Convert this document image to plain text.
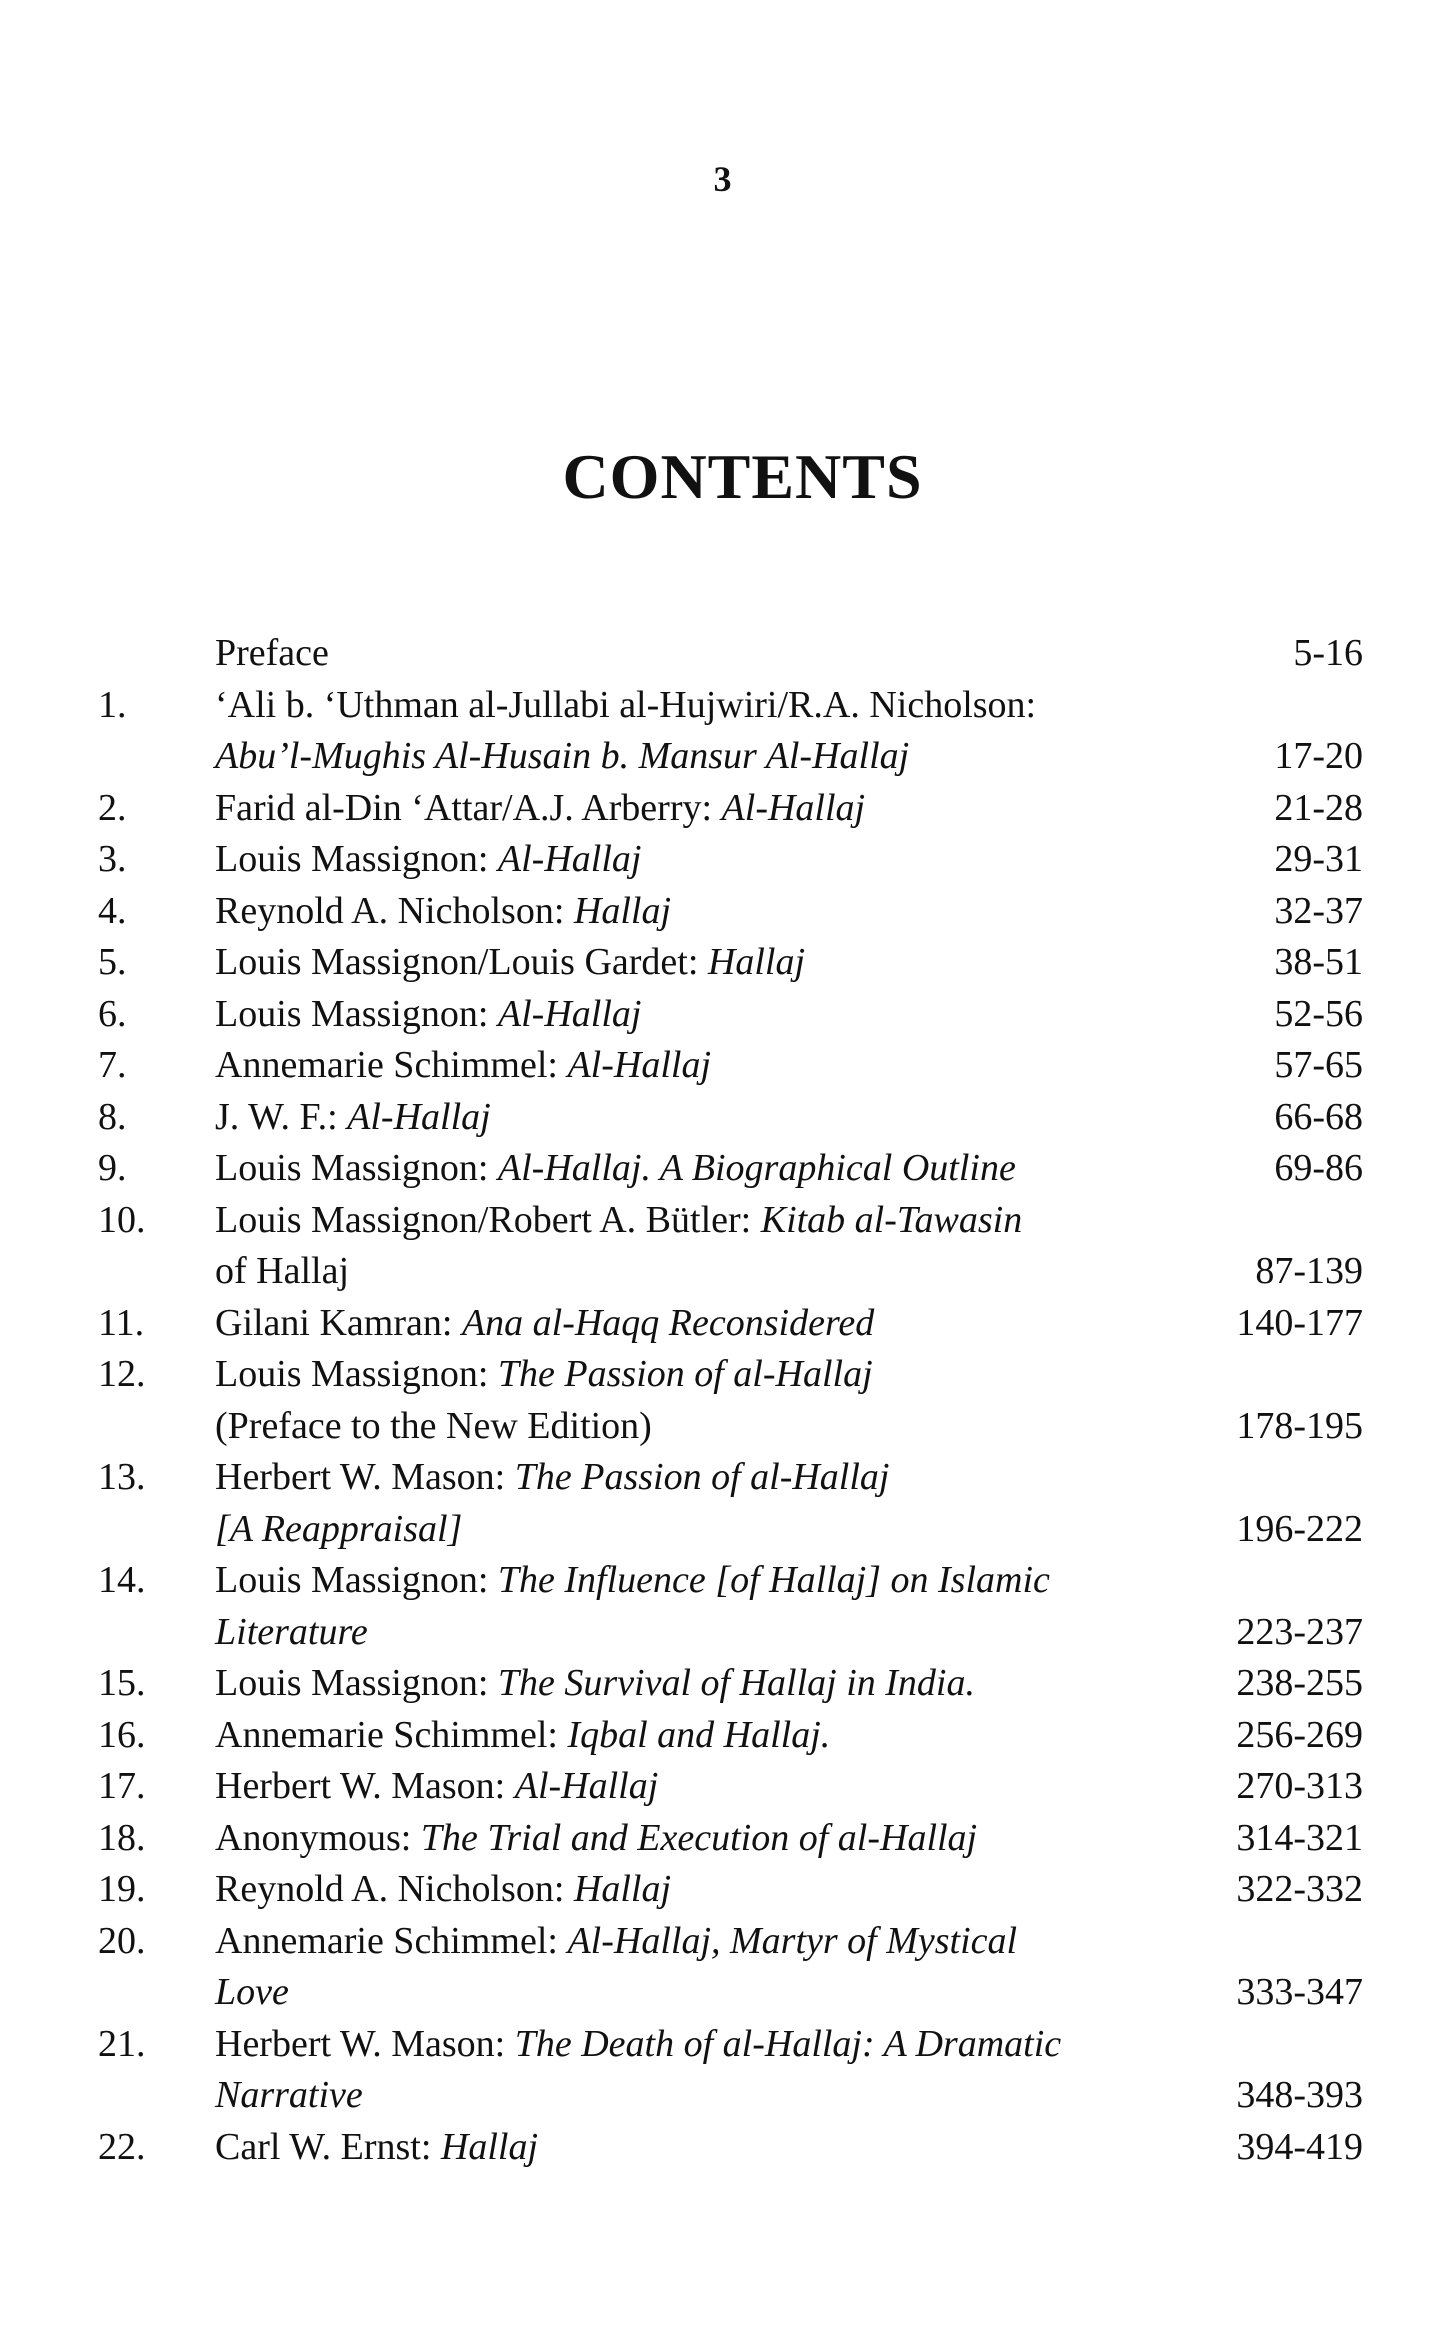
3
CONTENTS
Preface	5-16
1.	‘Ali b. ‘Uthman al-Jullabi al-Hujwiri/R.A. Nicholson:
Abu’l-Mughis Al-Husain b. Mansur Al-Hallaj	17-20
2.	Farid al-Din ‘Attar/A.J. Arberry: Al-Hallaj	21-28
3.	Louis Massignon: Al-Hallaj	29-31
4.	Reynold A. Nicholson: Hallaj	32-37
5.	Louis Massignon/Louis Gardet: Hallaj	38-51
6.	Louis Massignon: Al-Hallaj	52-56
7.	Annemarie Schimmel: Al-Hallaj	57-65
8.	J. W. F.: Al-Hallaj	66-68
9.	Louis Massignon: Al-Hallaj. A Biographical Outline	69-86
10.	Louis Massignon/Robert A. Bütler: Kitab al-Tawasin
of Hallaj	87-139
11.	Gilani Kamran: Ana al-Haqq Reconsidered	140-177
12.	Louis Massignon: The Passion of al-Hallaj
(Preface to the New Edition)	178-195
13.	Herbert W. Mason: The Passion of al-Hallaj
[A Reappraisal]	196-222
14.	Louis Massignon: The Influence [of Hallaj] on Islamic
Literature	223-237
15.	Louis Massignon: The Survival of Hallaj in India.	238-255
16.	Annemarie Schimmel: Iqbal and Hallaj.	256-269
17.	Herbert W. Mason: Al-Hallaj	270-313
18.	Anonymous: The Trial and Execution of al-Hallaj	314-321
19.	Reynold A. Nicholson: Hallaj	322-332
20.	Annemarie Schimmel: Al-Hallaj, Martyr of Mystical
Love	333-347
21.	Herbert W. Mason: The Death of al-Hallaj: A Dramatic
Narrative	348-393
22.	Carl W. Ernst: Hallaj	394-419
